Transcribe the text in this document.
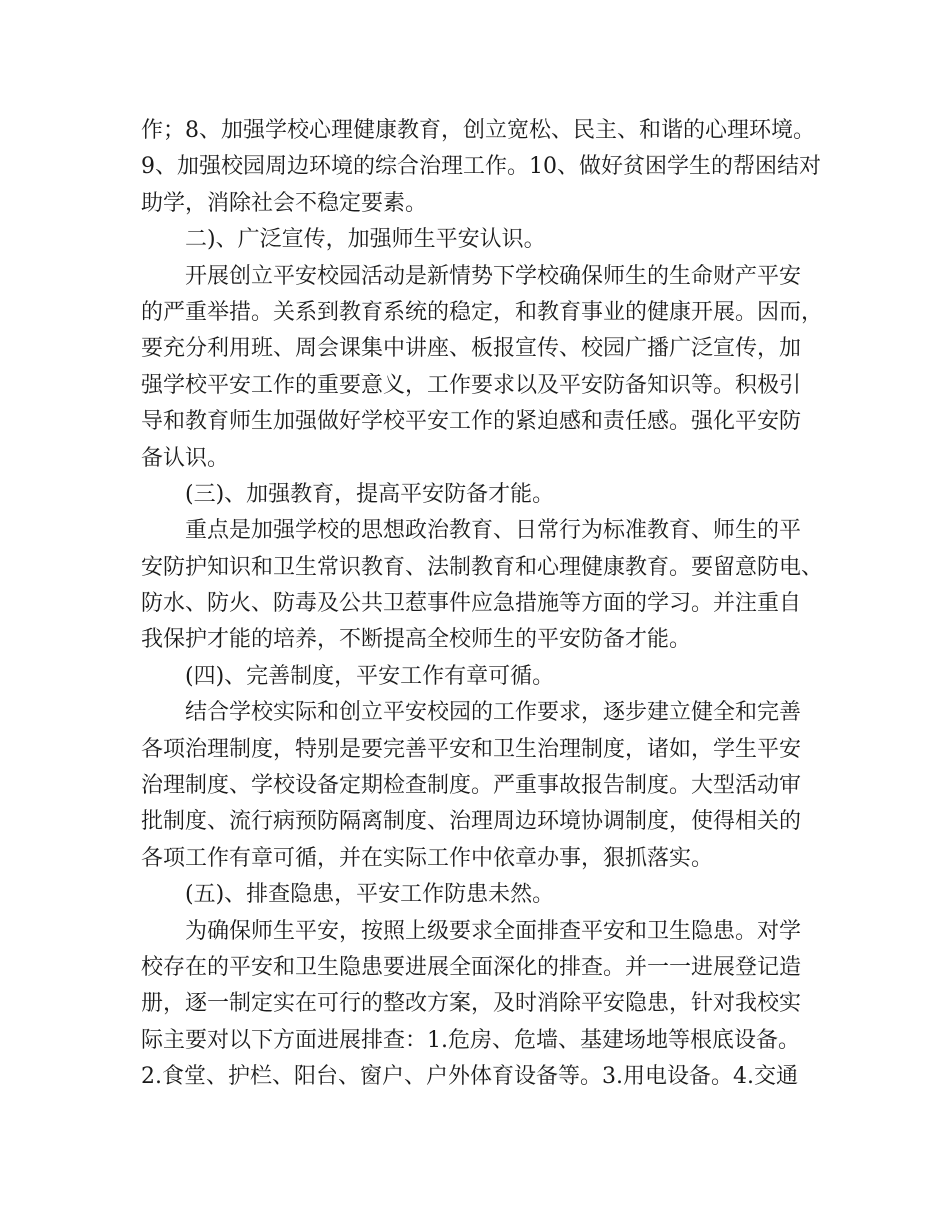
作；8、加强学校心理健康教育，创立宽松、民主、和谐的心理环境。
9、加强校园周边环境的综合治理工作。10、做好贫困学生的帮困结对
助学，消除社会不稳定要素。
二)、广泛宣传，加强师生平安认识。
开展创立平安校园活动是新情势下学校确保师生的生命财产平安
的严重举措。关系到教育系统的稳定，和教育事业的健康开展。因而，
要充分利用班、周会课集中讲座、板报宣传、校园广播广泛宣传，加
强学校平安工作的重要意义，工作要求以及平安防备知识等。积极引
导和教育师生加强做好学校平安工作的紧迫感和责任感。强化平安防
备认识。
(三)、加强教育，提高平安防备才能。
重点是加强学校的思想政治教育、日常行为标准教育、师生的平
安防护知识和卫生常识教育、法制教育和心理健康教育。要留意防电、
防水、防火、防毒及公共卫惹事件应急措施等方面的学习。并注重自
我保护才能的培养，不断提高全校师生的平安防备才能。
(四)、完善制度，平安工作有章可循。
结合学校实际和创立平安校园的工作要求，逐步建立健全和完善
各项治理制度，特别是要完善平安和卫生治理制度，诸如，学生平安
治理制度、学校设备定期检查制度。严重事故报告制度。大型活动审
批制度、流行病预防隔离制度、治理周边环境协调制度，使得相关的
各项工作有章可循，并在实际工作中依章办事，狠抓落实。
(五)、排查隐患，平安工作防患未然。
为确保师生平安，按照上级要求全面排查平安和卫生隐患。对学
校存在的平安和卫生隐患要进展全面深化的排查。并一一进展登记造
册，逐一制定实在可行的整改方案，及时消除平安隐患，针对我校实
际主要对以下方面进展排查：1.危房、危墙、基建场地等根底设备。
2.食堂、护栏、阳台、窗户、户外体育设备等。3.用电设备。4.交通
